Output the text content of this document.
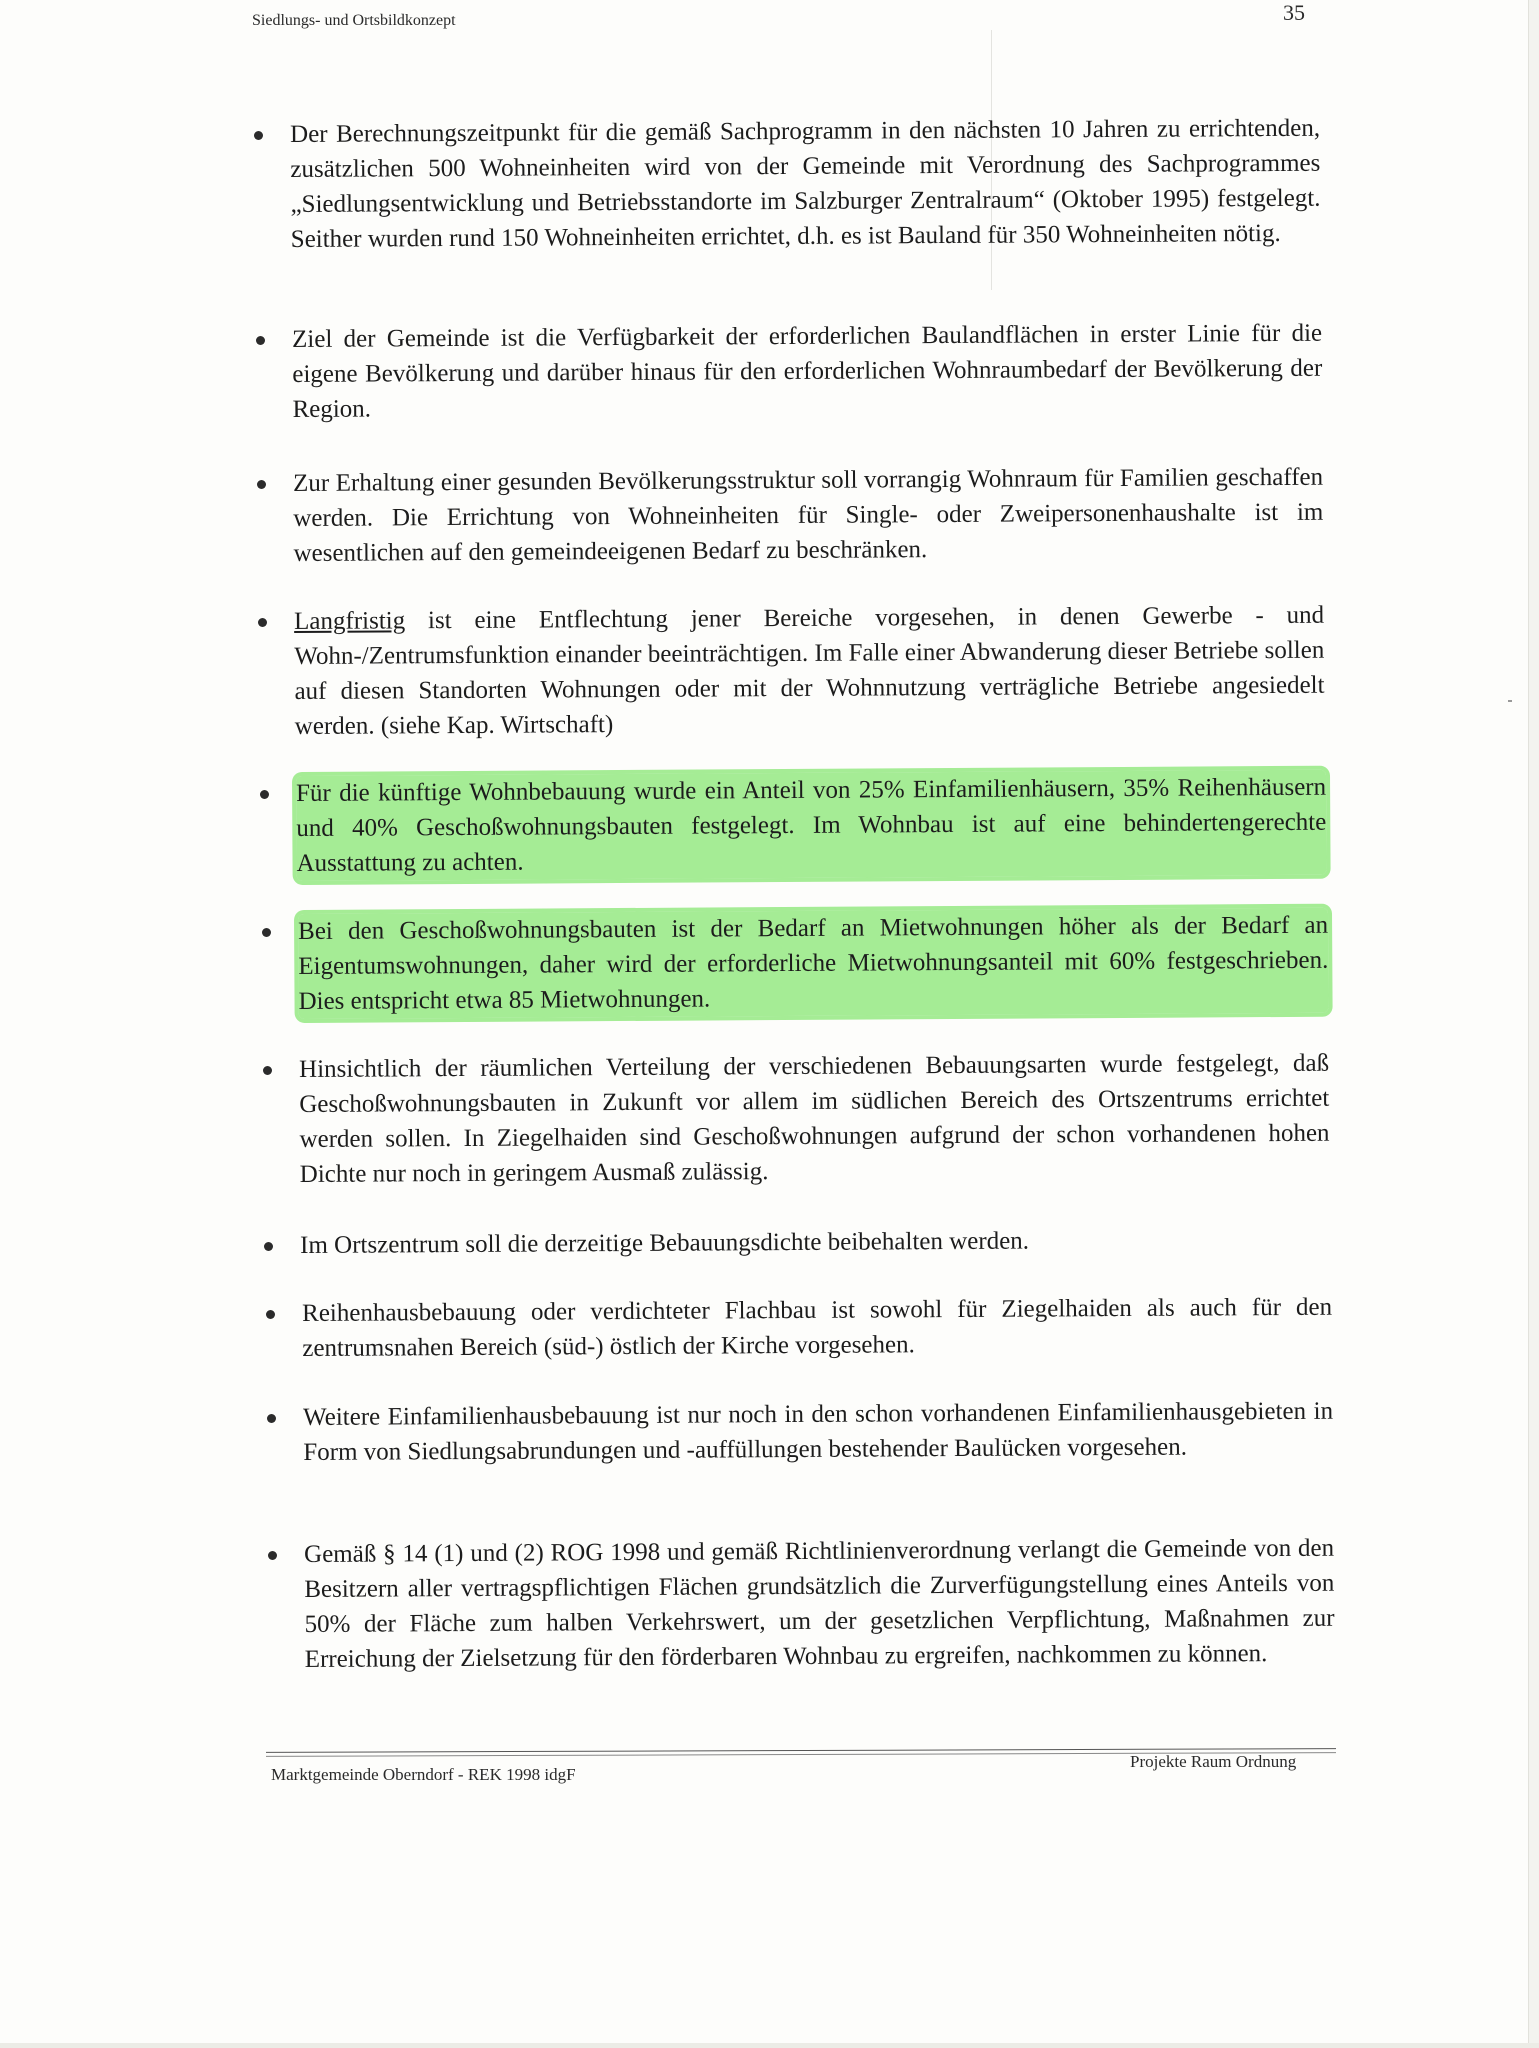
Siedlungs- und Ortsbildkonzept	35

Der Berechnungszeitpunkt für die gemäß Sachprogramm in den nächsten 10 Jahren zu errichtenden, zusätzlichen 500 Wohneinheiten wird von der Gemeinde mit Verordnung des Sachprogrammes „Siedlungsentwicklung und Betriebsstandorte im Salzburger Zentralraum“ (Oktober 1995) festgelegt. Seither wurden rund 150 Wohneinheiten errichtet, d.h. es ist Bauland für 350 Wohneinheiten nötig.

Ziel der Gemeinde ist die Verfügbarkeit der erforderlichen Baulandflächen in erster Linie für die eigene Bevölkerung und darüber hinaus für den erforderlichen Wohnraumbedarf der Bevölkerung der Region.

Zur Erhaltung einer gesunden Bevölkerungsstruktur soll vorrangig Wohnraum für Familien geschaffen werden. Die Errichtung von Wohneinheiten für Single- oder Zweipersonenhaushalte ist im wesentlichen auf den gemeindeeigenen Bedarf zu beschränken.

Langfristig ist eine Entflechtung jener Bereiche vorgesehen, in denen Gewerbe - und Wohn-/Zentrumsfunktion einander beeinträchtigen. Im Falle einer Abwanderung dieser Betriebe sollen auf diesen Standorten Wohnungen oder mit der Wohnnutzung verträgliche Betriebe angesiedelt werden. (siehe Kap. Wirtschaft)

Für die künftige Wohnbebauung wurde ein Anteil von 25% Einfamilienhäusern, 35% Reihenhäusern und 40% Geschoßwohnungsbauten festgelegt. Im Wohnbau ist auf eine behindertengerechte Ausstattung zu achten.

Bei den Geschoßwohnungsbauten ist der Bedarf an Mietwohnungen höher als der Bedarf an Eigentumswohnungen, daher wird der erforderliche Mietwohnungsanteil mit 60% festgeschrieben. Dies entspricht etwa 85 Mietwohnungen.

Hinsichtlich der räumlichen Verteilung der verschiedenen Bebauungsarten wurde festgelegt, daß Geschoßwohnungsbauten in Zukunft vor allem im südlichen Bereich des Ortszentrums errichtet werden sollen. In Ziegelhaiden sind Geschoßwohnungen aufgrund der schon vorhandenen hohen Dichte nur noch in geringem Ausmaß zulässig.

Im Ortszentrum soll die derzeitige Bebauungsdichte beibehalten werden.

Reihenhausbebauung oder verdichteter Flachbau ist sowohl für Ziegelhaiden als auch für den zentrumsnahen Bereich (süd-) östlich der Kirche vorgesehen.

Weitere Einfamilienhausbebauung ist nur noch in den schon vorhandenen Einfamilienhausgebieten in Form von Siedlungsabrundungen und -auffüllungen bestehender Baulücken vorgesehen.

Gemäß § 14 (1) und (2) ROG 1998 und gemäß Richtlinienverordnung verlangt die Gemeinde von den Besitzern aller vertragspflichtigen Flächen grundsätzlich die Zurverfügungstellung eines Anteils von 50% der Fläche zum halben Verkehrswert, um der gesetzlichen Verpflichtung, Maßnahmen zur Erreichung der Zielsetzung für den förderbaren Wohnbau zu ergreifen, nachkommen zu können.

Marktgemeinde Oberndorf - REK 1998 idgF
Projekte Raum Ordnung
